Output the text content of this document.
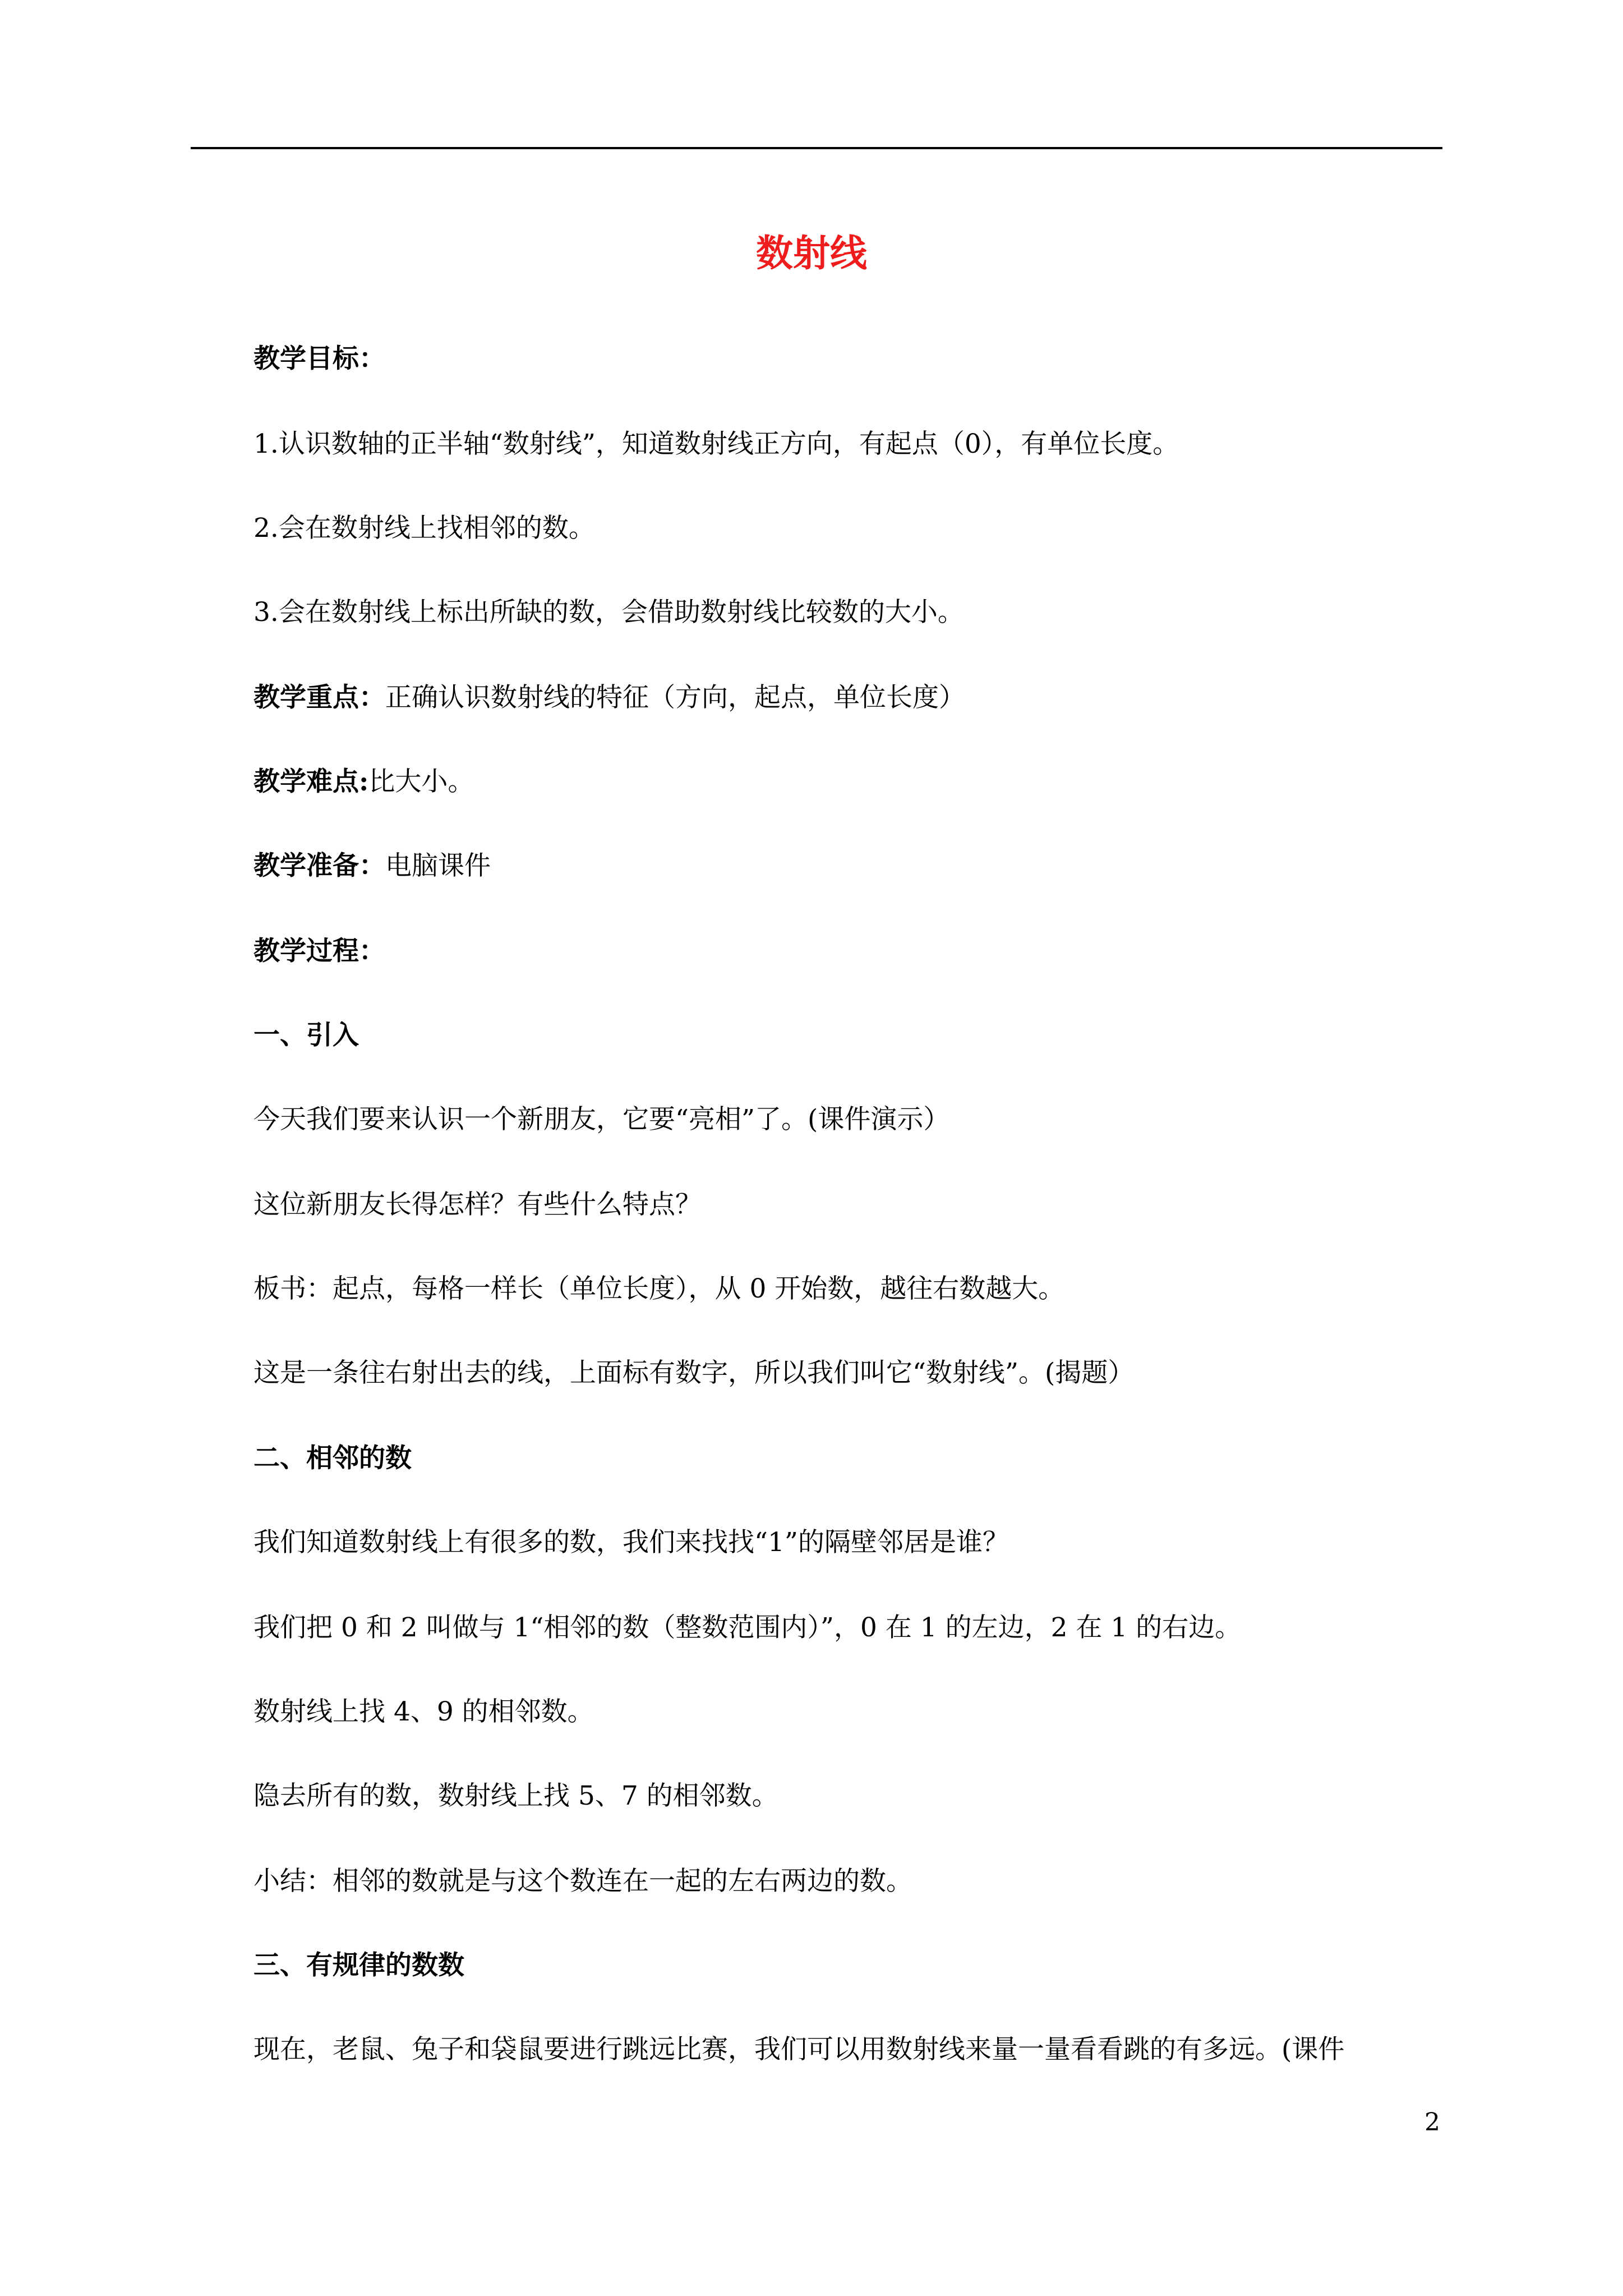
数射线
教学目标：
1.认识数轴的正半轴“数射线”，知道数射线正方向，有起点（0），有单位长度。
2.会在数射线上找相邻的数。
3.会在数射线上标出所缺的数，会借助数射线比较数的大小。
教学重点：正确认识数射线的特征（方向，起点，单位长度）
教学难点:比大小。
教学准备：电脑课件
教学过程：
一、引入
今天我们要来认识一个新朋友，它要“亮相”了。(课件演示）
这位新朋友长得怎样？有些什么特点？
板书：起点，每格一样长（单位长度），从 0 开始数，越往右数越大。
这是一条往右射出去的线，上面标有数字，所以我们叫它“数射线”。(揭题）
二、相邻的数
我们知道数射线上有很多的数，我们来找找“1”的隔壁邻居是谁？
我们把 0 和 2 叫做与 1“相邻的数（整数范围内）”，0 在 1 的左边，2 在 1 的右边。
数射线上找 4、9 的相邻数。
隐去所有的数，数射线上找 5、7 的相邻数。
小结：相邻的数就是与这个数连在一起的左右两边的数。
三、有规律的数数
现在，老鼠、兔子和袋鼠要进行跳远比赛，我们可以用数射线来量一量看看跳的有多远。(课件
2
